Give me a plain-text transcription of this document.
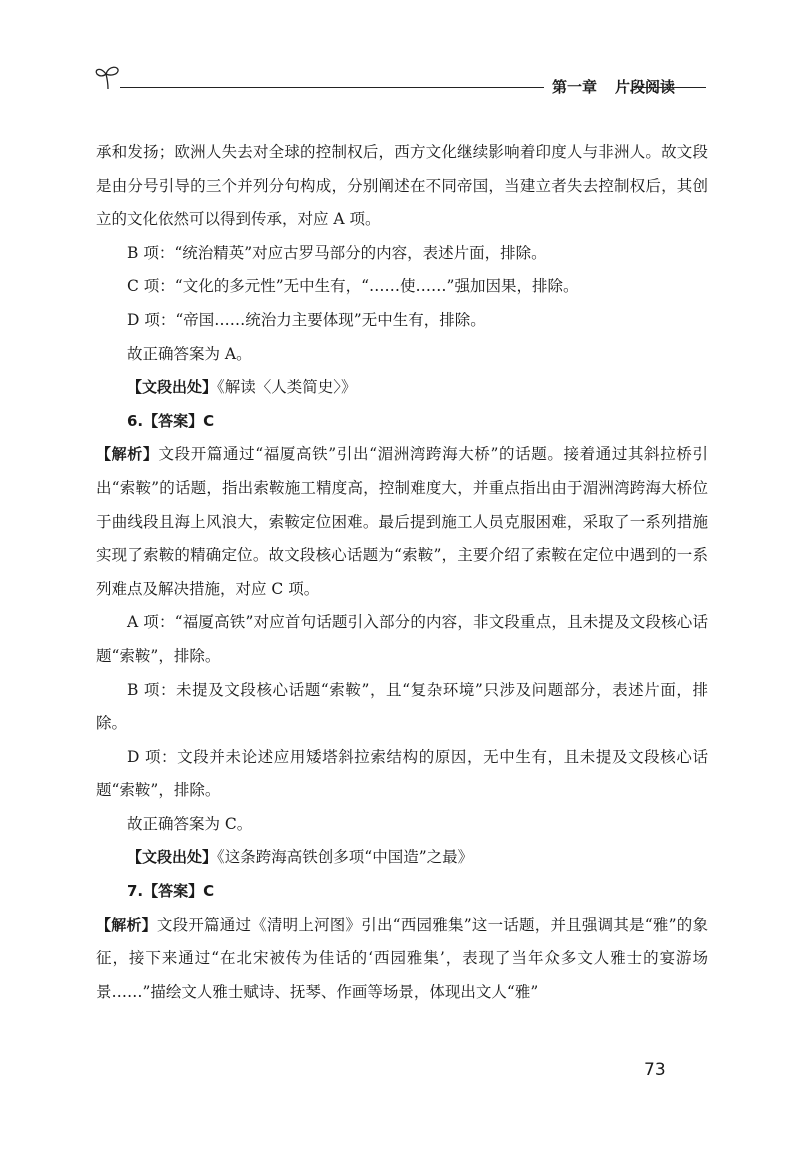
第一章 片段阅读

承和发扬；欧洲人失去对全球的控制权后，西方文化继续影响着印度人与非洲人。故文段是由分号引导的三个并列分句构成，分别阐述在不同帝国，当建立者失去控制权后，其创立的文化依然可以得到传承，对应 A 项。

B 项：“统治精英”对应古罗马部分的内容，表述片面，排除。

C 项：“文化的多元性”无中生有，“……使……”强加因果，排除。

D 项：“帝国……统治力主要体现”无中生有，排除。

故正确答案为 A。

【文段出处】《解读〈人类简史〉》

6.【答案】C

【解析】文段开篇通过“福厦高铁”引出“湄洲湾跨海大桥”的话题。接着通过其斜拉桥引出“索鞍”的话题，指出索鞍施工精度高，控制难度大，并重点指出由于湄洲湾跨海大桥位于曲线段且海上风浪大，索鞍定位困难。最后提到施工人员克服困难，采取了一系列措施实现了索鞍的精确定位。故文段核心话题为“索鞍”，主要介绍了索鞍在定位中遇到的一系列难点及解决措施，对应 C 项。

A 项：“福厦高铁”对应首句话题引入部分的内容，非文段重点，且未提及文段核心话题“索鞍”，排除。

B 项：未提及文段核心话题“索鞍”，且“复杂环境”只涉及问题部分，表述片面，排除。

D 项：文段并未论述应用矮塔斜拉索结构的原因，无中生有，且未提及文段核心话题“索鞍”，排除。

故正确答案为 C。

【文段出处】《这条跨海高铁创多项“中国造”之最》

7.【答案】C

【解析】文段开篇通过《清明上河图》引出“西园雅集”这一话题，并且强调其是“雅”的象征，接下来通过“在北宋被传为佳话的‘西园雅集’，表现了当年众多文人雅士的宴游场景……”描绘文人雅士赋诗、抚琴、作画等场景，体现出文人“雅”

73
